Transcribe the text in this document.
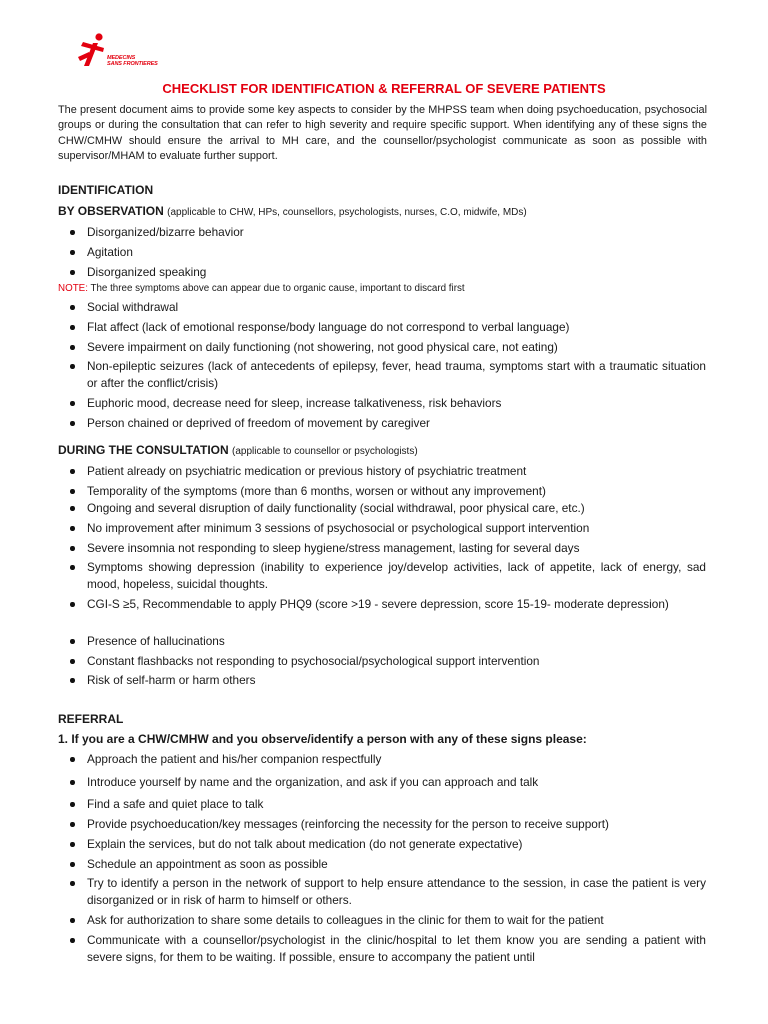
MEDECINS
SANS FRONTIERES
CHECKLIST FOR IDENTIFICATION & REFERRAL OF SEVERE PATIENTS
The present document aims to provide some key aspects to consider by the MHPSS team when doing psychoeducation, psychosocial groups or during the consultation that can refer to high severity and require specific support. When identifying any of these signs the CHW/CMHW should ensure the arrival to MH care, and the counsellor/psychologist communicate as soon as possible with supervisor/MHAM to evaluate further support.
IDENTIFICATION
BY OBSERVATION (applicable to CHW, HPs, counsellors, psychologists, nurses, C.O, midwife, MDs)
Disorganized/bizarre behavior
Agitation
Disorganized speaking
NOTE: The three symptoms above can appear due to organic cause, important to discard first
Social withdrawal
Flat affect (lack of emotional response/body language do not correspond to verbal language)
Severe impairment on daily functioning (not showering, not good physical care, not eating)
Non-epileptic seizures (lack of antecedents of epilepsy, fever, head trauma, symptoms start with a traumatic situation or after the conflict/crisis)
Euphoric mood, decrease need for sleep, increase talkativeness, risk behaviors
Person chained or deprived of freedom of movement by caregiver
DURING THE CONSULTATION (applicable to counsellor or psychologists)
Patient already on psychiatric medication or previous history of psychiatric treatment
Temporality of the symptoms (more than 6 months, worsen or without any improvement)
Ongoing and several disruption of daily functionality (social withdrawal, poor physical care, etc.)
No improvement after minimum 3 sessions of psychosocial or psychological support intervention
Severe insomnia not responding to sleep hygiene/stress management, lasting for several days
Symptoms showing depression (inability to experience joy/develop activities, lack of appetite, lack of energy, sad mood, hopeless, suicidal thoughts.
CGI-S ≥5, Recommendable to apply PHQ9 (score >19 - severe depression, score 15-19- moderate depression)
Presence of hallucinations
Constant flashbacks not responding to psychosocial/psychological support intervention
Risk of self-harm or harm others
REFERRAL
1. If you are a CHW/CMHW and you observe/identify a person with any of these signs please:
Approach the patient and his/her companion respectfully
Introduce yourself by name and the organization, and ask if you can approach and talk
Find a safe and quiet place to talk
Provide psychoeducation/key messages (reinforcing the necessity for the person to receive support)
Explain the services, but do not talk about medication (do not generate expectative)
Schedule an appointment as soon as possible
Try to identify a person in the network of support to help ensure attendance to the session, in case the patient is very disorganized or in risk of harm to himself or others.
Ask for authorization to share some details to colleagues in the clinic for them to wait for the patient
Communicate with a counsellor/psychologist in the clinic/hospital to let them know you are sending a patient with severe signs, for them to be waiting. If possible, ensure to accompany the patient until
